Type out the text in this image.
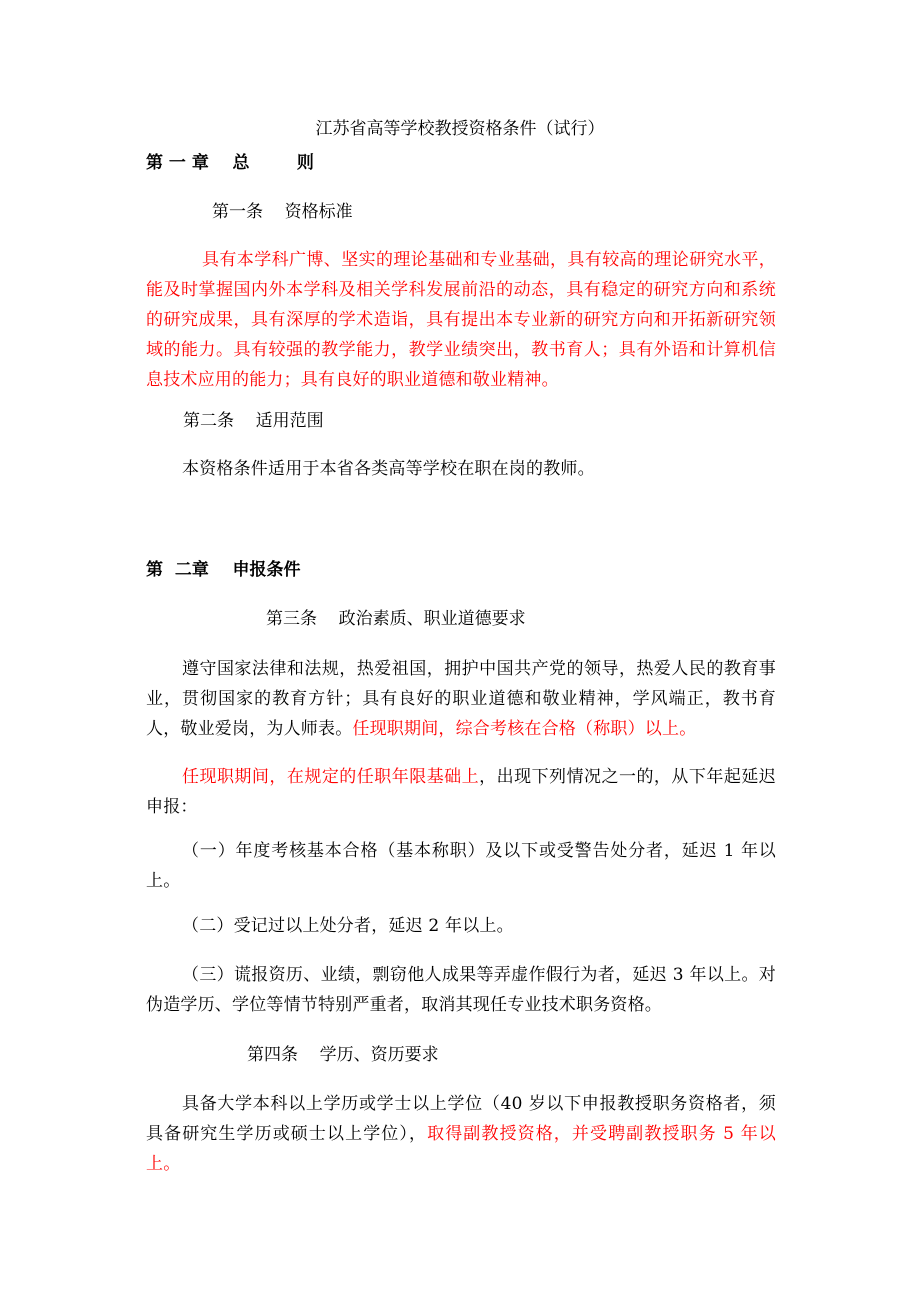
江苏省高等学校教授资格条件（试行）
第 一 章    总        则
第一条    资格标准
具有本学科广博、坚实的理论基础和专业基础，具有较高的理论研究水平，能及时掌握国内外本学科及相关学科发展前沿的动态，具有稳定的研究方向和系统的研究成果，具有深厚的学术造诣，具有提出本专业新的研究方向和开拓新研究领域的能力。具有较强的教学能力，教学业绩突出，教书育人；具有外语和计算机信息技术应用的能力；具有良好的职业道德和敬业精神。
第二条    适用范围
本资格条件适用于本省各类高等学校在职在岗的教师。
第  二章    申报条件
第三条    政治素质、职业道德要求
遵守国家法律和法规，热爱祖国，拥护中国共产党的领导，热爱人民的教育事业，贯彻国家的教育方针；具有良好的职业道德和敬业精神，学风端正，教书育人，敬业爱岗，为人师表。任现职期间，综合考核在合格（称职）以上。
任现职期间，在规定的任职年限基础上，出现下列情况之一的，从下年起延迟申报：
（一）年度考核基本合格（基本称职）及以下或受警告处分者，延迟 1 年以上。
（二）受记过以上处分者，延迟 2 年以上。
（三）谎报资历、业绩，剽窃他人成果等弄虚作假行为者，延迟 3 年以上。对伪造学历、学位等情节特别严重者，取消其现任专业技术职务资格。
第四条    学历、资历要求
具备大学本科以上学历或学士以上学位（40 岁以下申报教授职务资格者，须具备研究生学历或硕士以上学位），取得副教授资格，并受聘副教授职务 5 年以上。
